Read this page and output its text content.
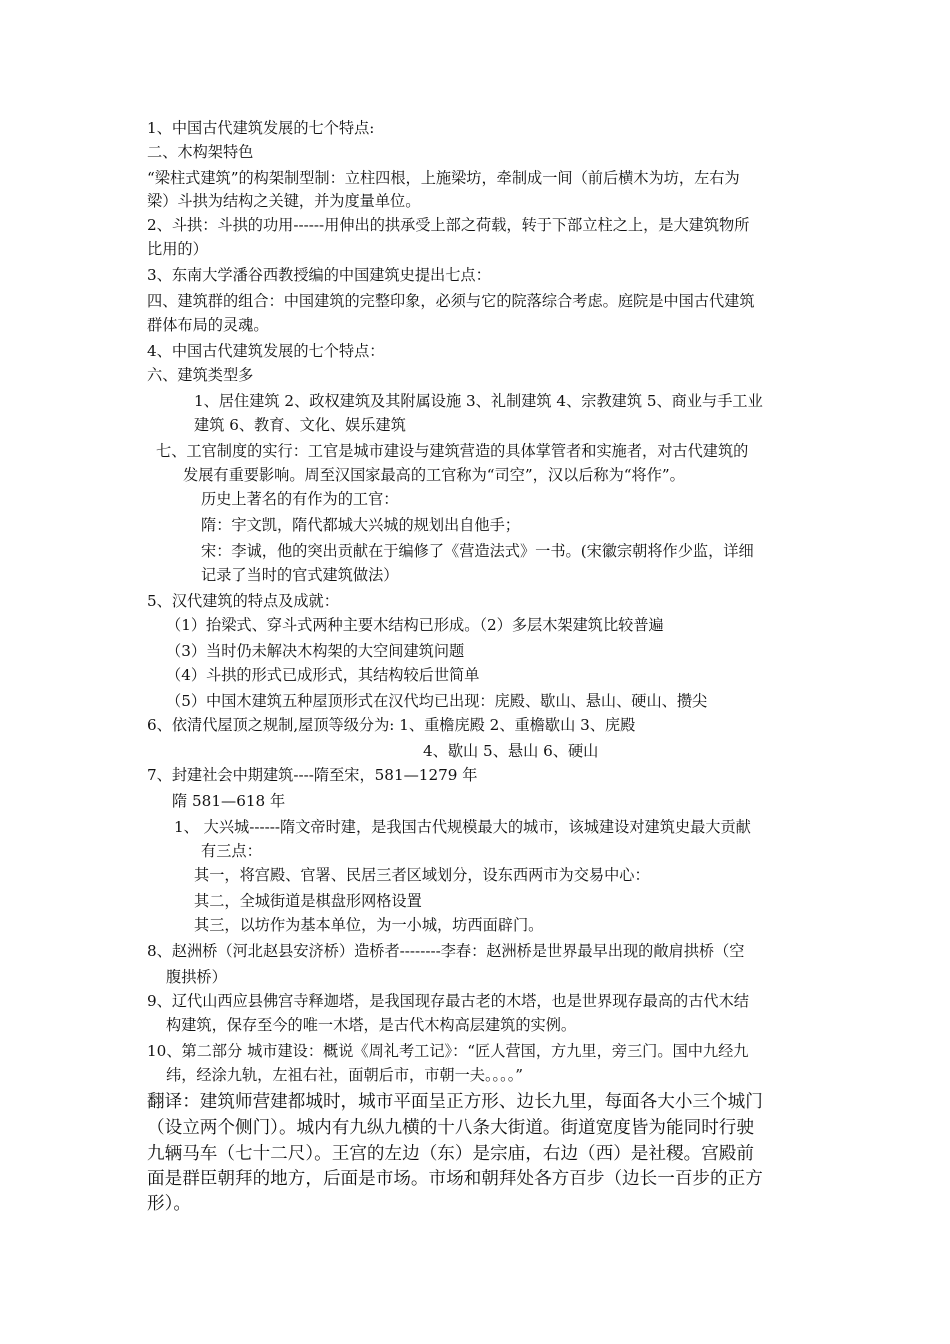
1、中国古代建筑发展的七个特点:
二、木构架特色
“梁柱式建筑”的构架制型制：立柱四根，上施梁坊，牵制成一间（前后横木为坊，左右为
梁）斗拱为结构之关键，并为度量单位。
2、斗拱：斗拱的功用------用伸出的拱承受上部之荷载，转于下部立柱之上，是大建筑物所
比用的）
3、东南大学潘谷西教授编的中国建筑史提出七点：
四、建筑群的组合：中国建筑的完整印象，必须与它的院落综合考虑。庭院是中国古代建筑
群体布局的灵魂。
4、中国古代建筑发展的七个特点：
六、建筑类型多
1、居住建筑 2、政权建筑及其附属设施 3、礼制建筑 4、宗教建筑 5、商业与手工业
建筑 6、教育、文化、娱乐建筑
七、工官制度的实行：工官是城市建设与建筑营造的具体掌管者和实施者，对古代建筑的
发展有重要影响。周至汉国家最高的工官称为“司空”，汉以后称为“将作”。
历史上著名的有作为的工官：
隋：宇文凯，隋代都城大兴城的规划出自他手；
宋：李诚，他的突出贡献在于编修了《营造法式》一书。(宋徽宗朝将作少监，详细
记录了当时的官式建筑做法）
5、汉代建筑的特点及成就：
（1）抬梁式、穿斗式两种主要木结构已形成。（2）多层木架建筑比较普遍
（3）当时仍未解决木构架的大空间建筑问题
（4）斗拱的形式已成形式，其结构较后世简单
（5）中国木建筑五种屋顶形式在汉代均已出现：庑殿、歇山、悬山、硬山、攒尖
6、依清代屋顶之规制,屋顶等级分为: 1、重檐庑殿 2、重檐歇山 3、庑殿
4、歇山 5、悬山 6、硬山
7、封建社会中期建筑----隋至宋，581—1279 年
隋 581—618 年
1、 大兴城------隋文帝时建，是我国古代规模最大的城市，该城建设对建筑史最大贡献
有三点：
其一，将宫殿、官署、民居三者区域划分，设东西两市为交易中心：
其二，全城街道是棋盘形网格设置
其三，以坊作为基本单位，为一小城，坊西面辟门。
8、赵洲桥（河北赵县安济桥）造桥者--------李春：赵洲桥是世界最早出现的敞肩拱桥（空
腹拱桥）
9、辽代山西应县佛宫寺释迦塔，是我国现存最古老的木塔，也是世界现存最高的古代木结
构建筑，保存至今的唯一木塔，是古代木构高层建筑的实例。
10、第二部分 城市建设：概说《周礼考工记》：“匠人营国，方九里，旁三门。国中九经九
纬，经涂九轨，左祖右社，面朝后市，市朝一夫。。。。”
翻译：建筑师营建都城时，城市平面呈正方形、边长九里，每面各大小三个城门
（设立两个侧门）。城内有九纵九横的十八条大街道。街道宽度皆为能同时行驶
九辆马车（七十二尺）。王宫的左边（东）是宗庙，右边（西）是社稷。宫殿前
面是群臣朝拜的地方，后面是市场。市场和朝拜处各方百步（边长一百步的正方
形）。
